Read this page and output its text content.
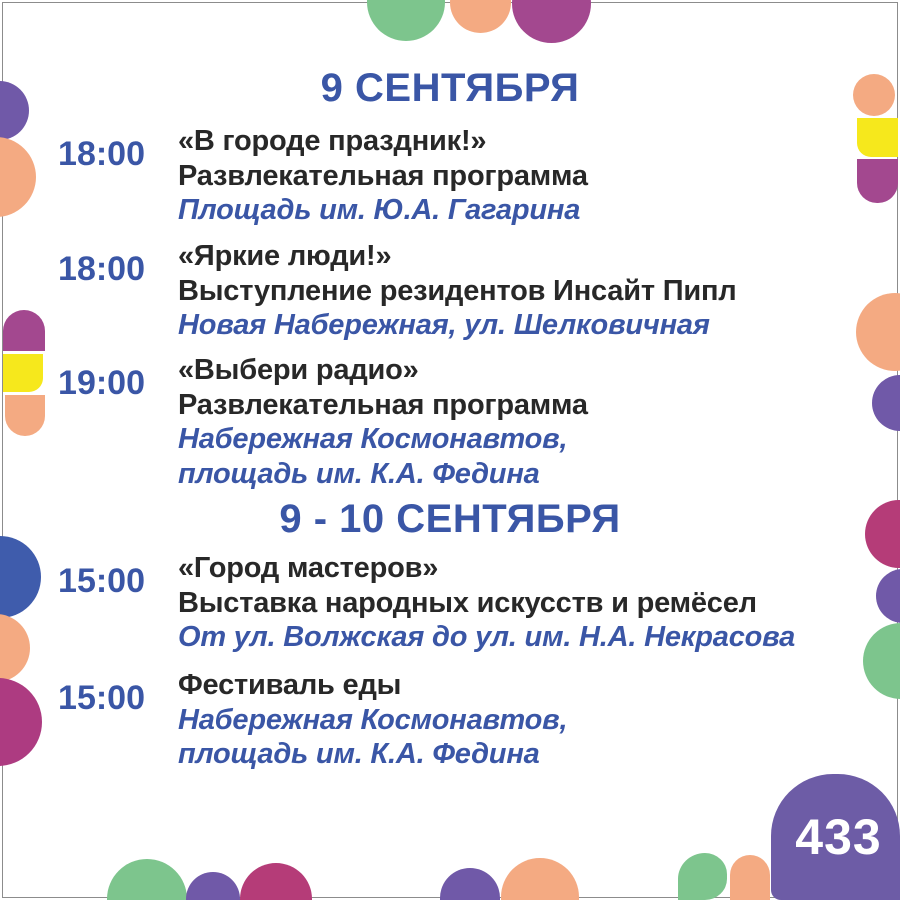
433
9 СЕНТЯБРЯ
18:00 «В городе праздник!»
Развлекательная программа
Площадь им. Ю.А. Гагарина
18:00 «Яркие люди!»
Выступление резидентов Инсайт Пипл
Новая Набережная, ул. Шелковичная
19:00 «Выбери радио»
Развлекательная программа
Набережная Космонавтов,
площадь им. К.А. Федина
9 - 10 СЕНТЯБРЯ
15:00 «Город мастеров»
Выставка народных искусств и ремёсел
От ул. Волжская до ул. им. Н.А. Некрасова
15:00 Фестиваль еды
Набережная Космонавтов,
площадь им. К.А. Федина
